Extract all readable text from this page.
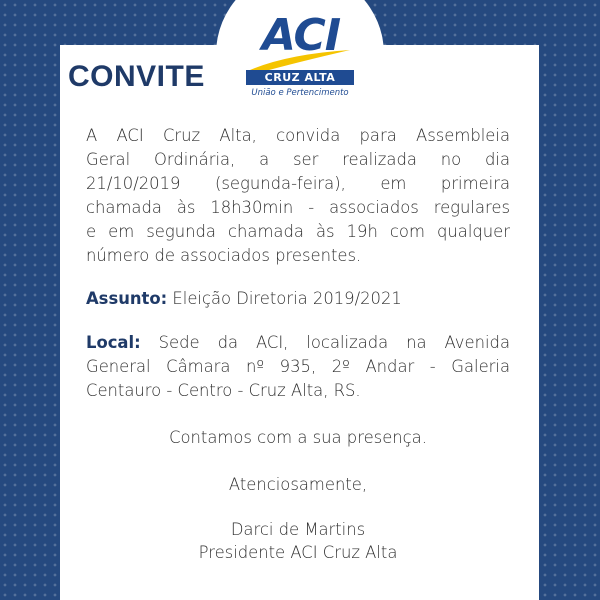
ACI
CRUZ ALTA
União e Pertencimento
CONVITE
A ACI Cruz Alta, convida para Assembleia
Geral Ordinária, a ser realizada no dia
21/10/2019 (segunda-feira), em primeira
chamada às 18h30min - associados regulares
e em segunda chamada às 19h com qualquer
número de associados presentes.
Assunto: Eleição Diretoria 2019/2021
Local: Sede da ACI, localizada na Avenida
General Câmara nº 935, 2º Andar - Galeria
Centauro - Centro - Cruz Alta, RS.
Contamos com a sua presença.
Atenciosamente,
Darci de Martins
Presidente ACI Cruz Alta
